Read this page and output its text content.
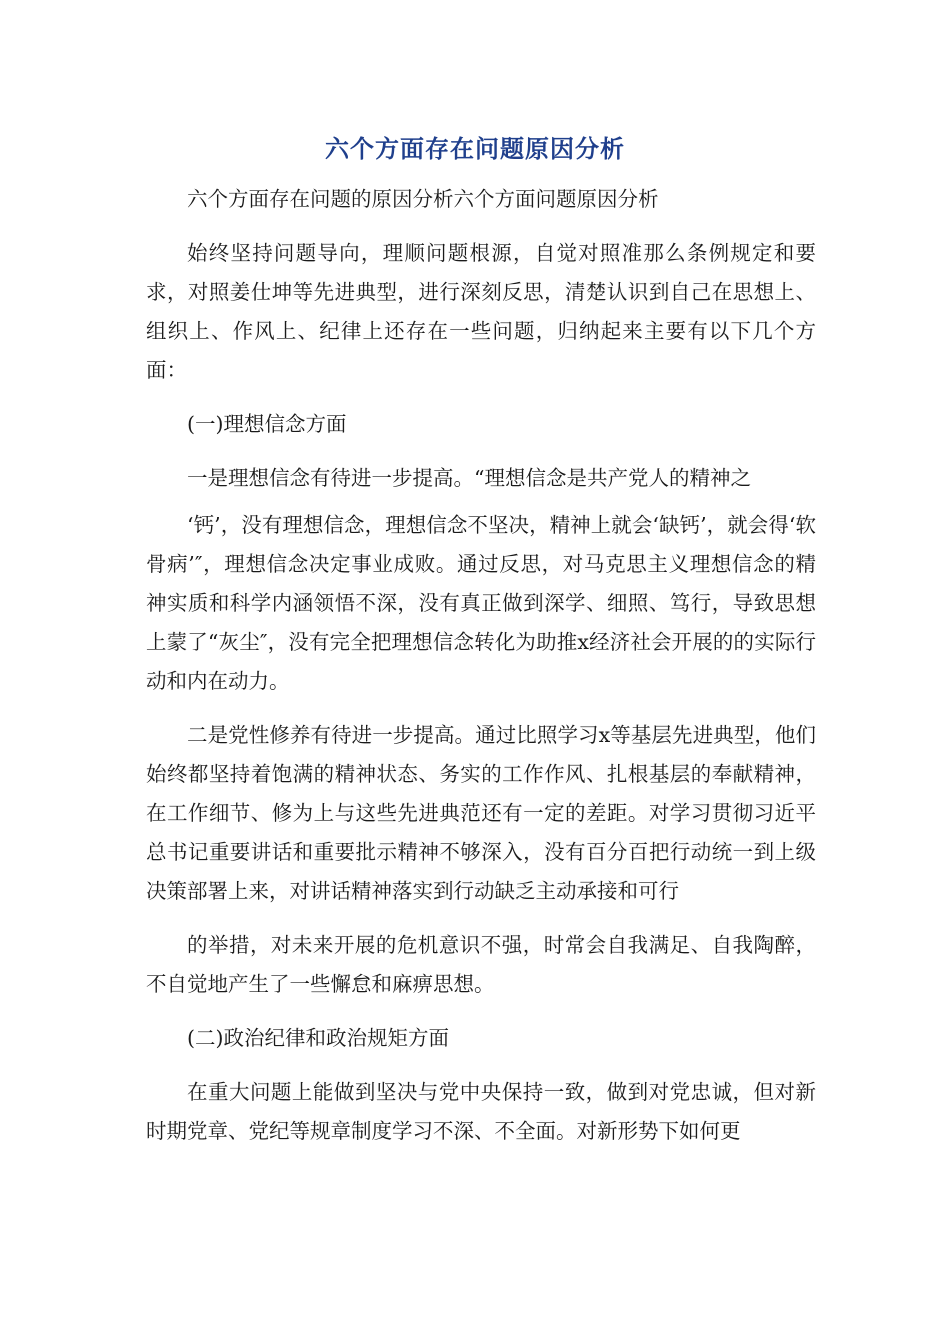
六个方面存在问题原因分析

六个方面存在问题的原因分析六个方面问题原因分析

始终坚持问题导向，理顺问题根源，自觉对照准那么条例规定和要求，对照姜仕坤等先进典型，进行深刻反思，清楚认识到自己在思想上、组织上、作风上、纪律上还存在一些问题，归纳起来主要有以下几个方面：

(一)理想信念方面

一是理想信念有待进一步提高。“理想信念是共产党人的精神之

‘钙’，没有理想信念，理想信念不坚决，精神上就会‘缺钙’，就会得‘软骨病’″，理想信念决定事业成败。通过反思，对马克思主义理想信念的精神实质和科学内涵领悟不深，没有真正做到深学、细照、笃行，导致思想上蒙了“灰尘″，没有完全把理想信念转化为助推x经济社会开展的的实际行动和内在动力。

二是党性修养有待进一步提高。通过比照学习x等基层先进典型，他们始终都坚持着饱满的精神状态、务实的工作作风、扎根基层的奉献精神，在工作细节、修为上与这些先进典范还有一定的差距。对学习贯彻习近平总书记重要讲话和重要批示精神不够深入，没有百分百把行动统一到上级决策部署上来，对讲话精神落实到行动缺乏主动承接和可行

的举措，对未来开展的危机意识不强，时常会自我满足、自我陶醉，不自觉地产生了一些懈怠和麻痹思想。

(二)政治纪律和政治规矩方面

在重大问题上能做到坚决与党中央保持一致，做到对党忠诚，但对新时期党章、党纪等规章制度学习不深、不全面。对新形势下如何更
